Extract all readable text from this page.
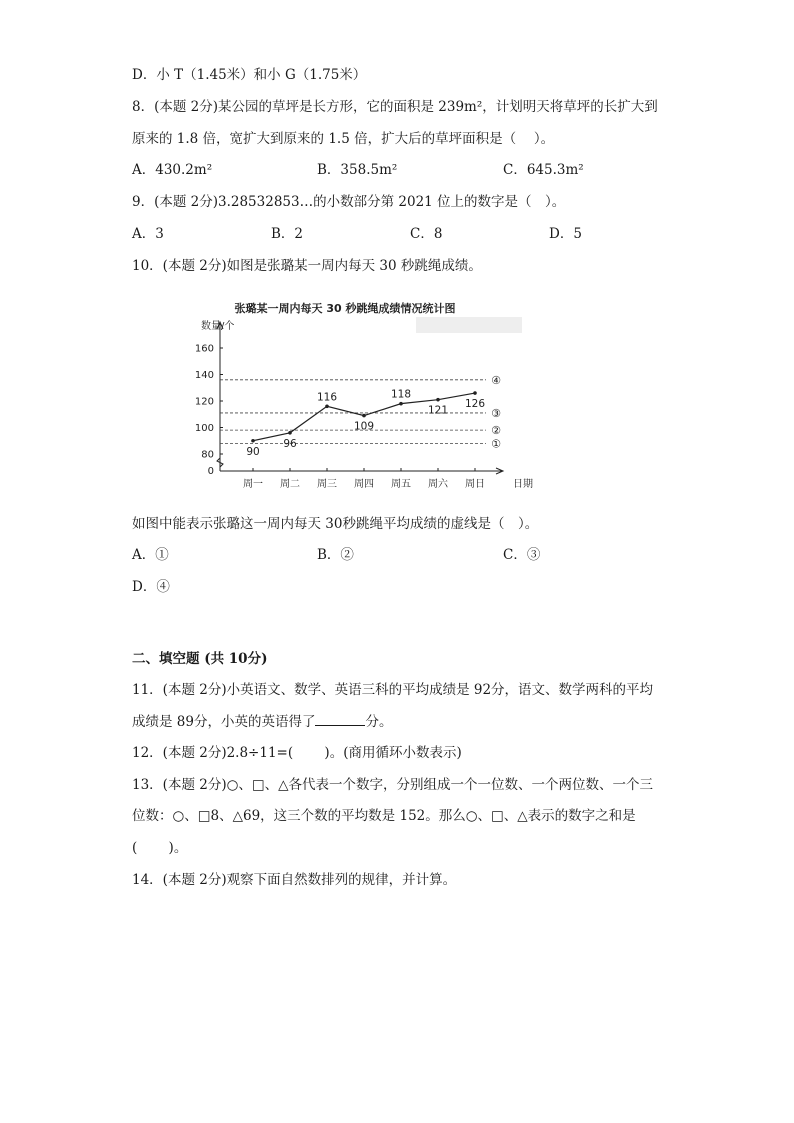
D．小 T（1.45米）和小 G（1.75米）
8．(本题 2分)某公园的草坪是长方形，它的面积是 239m²，计划明天将草坪的长扩大到
原来的 1.8 倍，宽扩大到原来的 1.5 倍，扩大后的草坪面积是（　 ）。
A．430.2m²	B．358.5m²	C．645.3m²
9．(本题 2分)3.28532853…的小数部分第 2021 位上的数字是（　）。
A．3	B．2	C．8	D．5
10．(本题 2分)如图是张璐某一周内每天 30 秒跳绳成绩。
张璐某一周内每天 30 秒跳绳成绩情况统计图
数量/个
日期
0
80
100
120
140
160
周一 周二 周三 周四 周五 周六 周日
①
②
③
④
90
96
116
109
118
121
126
如图中能表示张璐这一周内每天 30秒跳绳平均成绩的虚线是（　）。
A．①	B．②	C．③
D．④
二、填空题 (共 10分)
11．(本题 2分)小英语文、数学、英语三科的平均成绩是 92分，语文、数学两科的平均
成绩是 89分，小英的英语得了	分。
12．(本题 2分)2.8÷11=(　　 )。(商用循环小数表示)
13．(本题 2分)○、□、△各代表一个数字，分别组成一个一位数、一个两位数、一个三
位数：○、□8、△69，这三个数的平均数是 152。那么○、□、△表示的数字之和是
(　　 )。
14．(本题 2分)观察下面自然数排列的规律，并计算。
